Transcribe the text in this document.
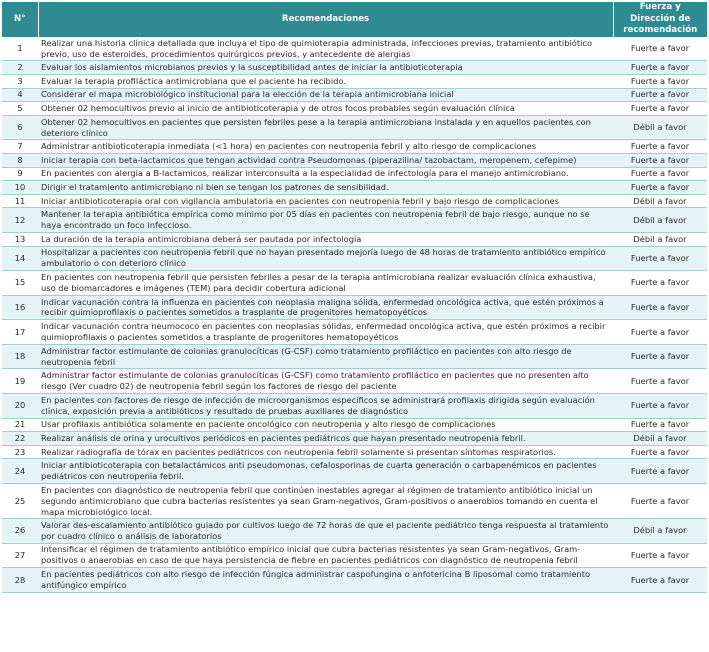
N°	Recomendaciones	Fuerza y Dirección de
recomendación
1	Realizar una historia clínica detallada que incluya el tipo de quimioterapia administrada, infecciones previas, tratamiento antibiótico previo, uso de esteroides, procedimientos quirúrgicos previos, y antecedente de alergias	Fuerte a favor
2	Evaluar los aislamientos microbianos previos y la susceptibilidad antes de iniciar la antibioticoterapia	Fuerte a favor
3	Evaluar la terapia profiláctica antimicrobiana que el paciente ha recibido.	Fuerte a favor
4	Considerar el mapa microbiológico institucional para la elección de la terapia antimicrobiana inicial	Fuerte a favor
5	Obtener 02 hemocultivos previo al inicio de antibioticoterapia y de otros focos probables según evaluación clínica	Fuerte a favor
6	Obtener 02 hemocultivos en pacientes que persisten febriles pese a la terapia antimicrobiana instalada y en aquellos pacientes con deterioro clínico	Débil a favor
7	Administrar antibioticoterapia inmediata (<1 hora) en pacientes con neutropenia febril y alto riesgo de complicaciones	Fuerte a favor
8	Iniciar terapia con beta-lactamicos que tengan actividad contra Pseudomonas (piperazilina/ tazobactam, meropenem, cefepime)	Fuerte a favor
9	En pacientes con alergia a B-lactamicos, realizar interconsulta a la especialidad de infectología para el manejo antimicrobiano.	Fuerte a favor
10	Dirigir el tratamiento antimicrobiano ni bien se tengan los patrones de sensibilidad.	Fuerte a favor
11	Iniciar antibioticoterapia oral con vigilancia ambulatoria en pacientes con neutropenia febril y bajo riesgo de complicaciones	Débil a favor
12	Mantener la terapia antibiótica empírica como mínimo por 05 días en pacientes con neutropenia febril de bajo riesgo, aunque no se haya encontrado un foco infeccioso.	Débil a favor
13	La duración de la terapia antimicrobiana deberá ser pautada por infectología	Débil a favor
14	Hospitalizar a pacientes con neutropenia febril que no hayan presentado mejoría luego de 48 horas de tratamiento antibiótico empírico ambulatorio o con deterioro clínico	Fuerte a favor
15	En pacientes con neutropenia febril que persisten febriles a pesar de la terapia antimicrobiana realizar evaluación clínica exhaustiva, uso de biomarcadores e imágenes (TEM) para decidir cobertura adicional	Fuerte a favor
16	Indicar vacunación contra la influenza en pacientes con neoplasia maligna sólida, enfermedad oncológica activa, que estén próximos a recibir quimioprofilaxis o pacientes sometidos a trasplante de progenitores hematopoyéticos	Fuerte a favor
17	Indicar vacunación contra neumococo en pacientes con neoplasias sólidas, enfermedad oncológica activa, que estén próximos a recibir quimioprofilaxis o pacientes sometidos a trasplante de progenitores hematopoyéticos	Fuerte a favor
18	Administrar factor estimulante de colonias granulocíticas (G-CSF) como tratamiento profiláctico en pacientes con alto riesgo de neutropenia febril	Fuerte a favor
19	Administrar factor estimulante de colonias granulocíticas (G-CSF) como tratamiento profiláctico en pacientes que no presenten alto riesgo (Ver cuadro 02) de neutropenia febril según los factores de riesgo del paciente	Fuerte a favor
20	En pacientes con factores de riesgo de infección de microorganismos específicos se administrará profilaxis dirigida según evaluación clínica, exposición previa a antibióticos y resultado de pruebas auxiliares de diagnóstico	Fuerte a favor
21	Usar profilaxis antibiótica solamente en paciente oncológico con neutropenia y alto riesgo de complicaciones	Fuerte a favor
22	Realizar análisis de orina y urocultivos periódicos en pacientes pediátricos que hayan presentado neutropenia febril.	Débil a favor
23	Realizar radiografía de tórax en pacientes pediátricos con neutropenia febril solamente si presentan síntomas respiratorios.	Fuerte a favor
24	Iniciar antibioticoterapia con betalactámicos anti pseudomonas, cefalosporinas de cuarta generación o carbapenémicos en pacientes pediátricos con neutropenia febril.	Fuerte a favor
25	En pacientes con diagnóstico de neutropenia febril que continúen inestables agregar al régimen de tratamiento antibiótico inicial un segundo antimicrobiano que cubra bacterias resistentes ya sean Gram-negativos, Gram-positivos o anaerobios tomando en cuenta el mapa microbiológico local.	Fuerte a favor
26	Valorar des-escalamiento antibiótico guiado por cultivos luego de 72 horas de que el paciente pediátrico tenga respuesta al tratamiento por cuadro clínico o análisis de laboratorios	Débil a favor
27	Intensificar el régimen de tratamiento antibiótico empírico inicial que cubra bacterias resistentes ya sean Gram-negativos, Gram-positivos o anaerobias en caso de que haya persistencia de fiebre en pacientes pediátricos con diagnóstico de neutropenia febril	Fuerte a favor
28	En pacientes pediátricos con alto riesgo de infección fúngica administrar caspofungina o anfotericina B liposomal como tratamiento antifúngico empírico	Fuerte a favor
